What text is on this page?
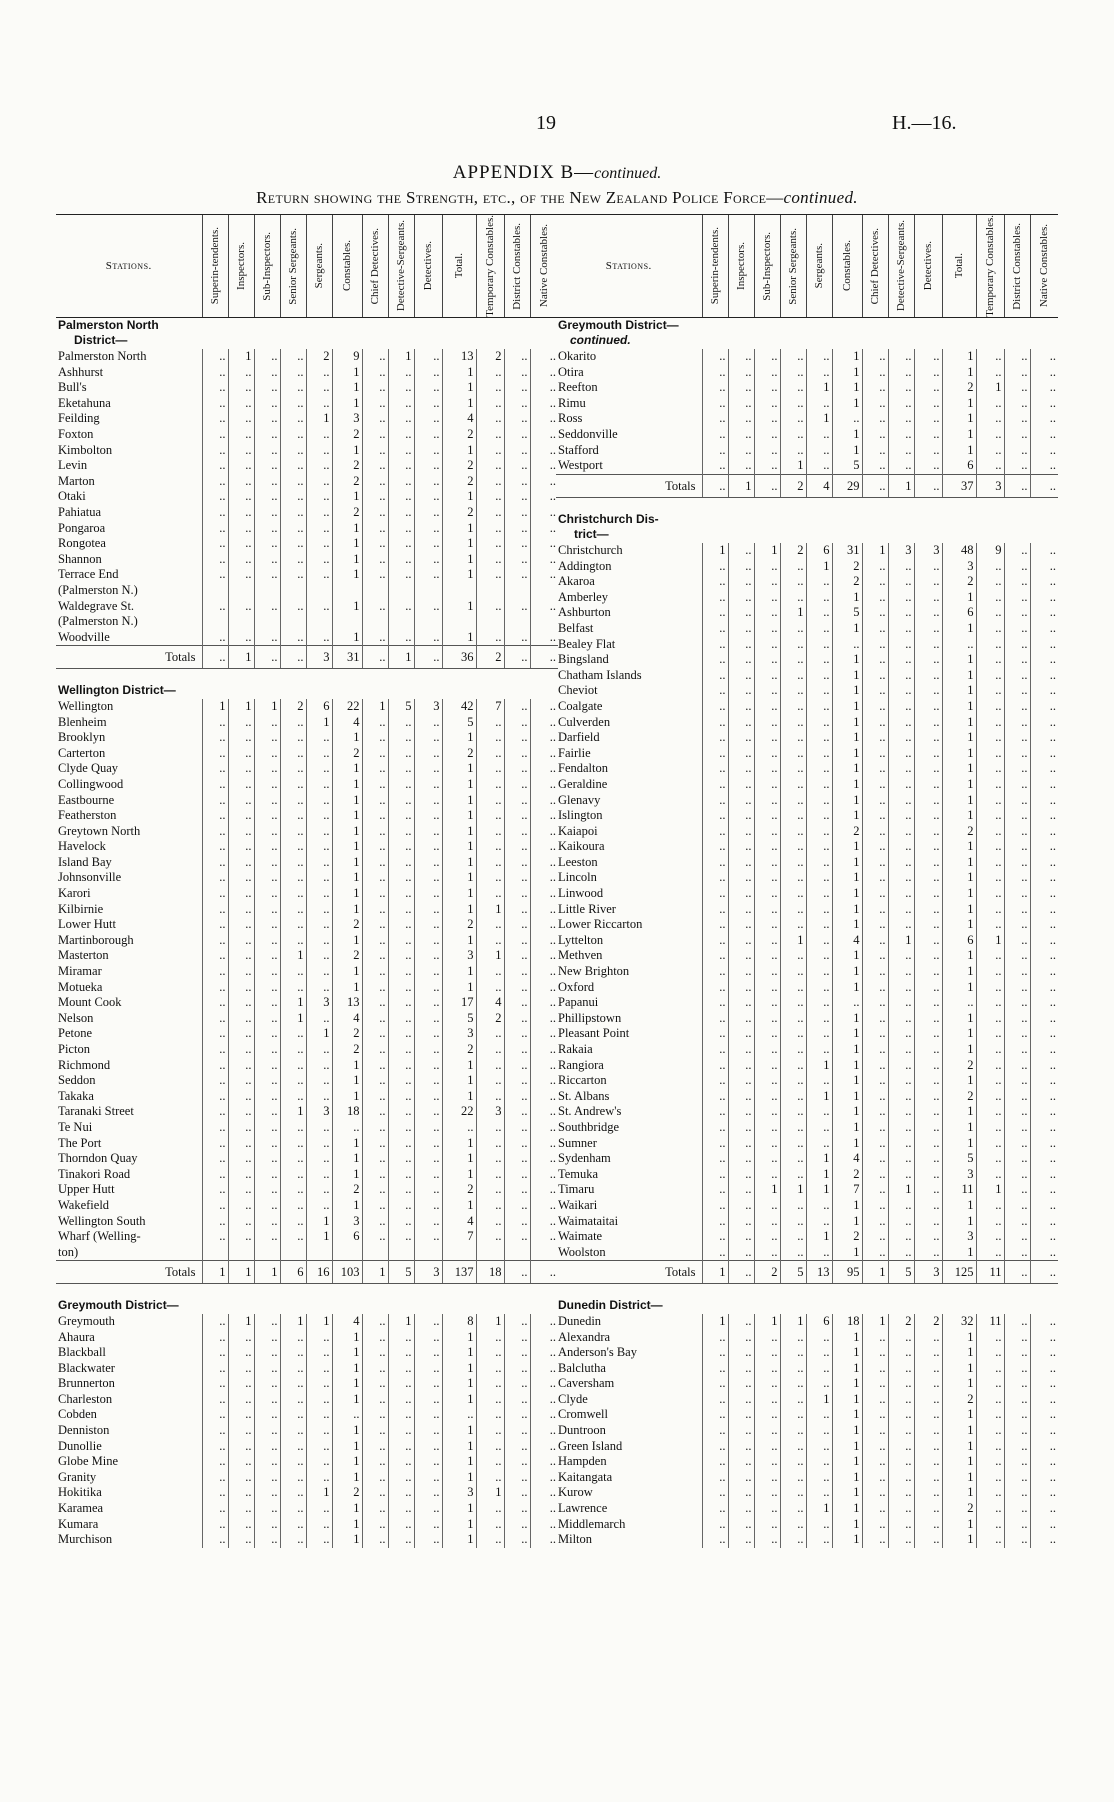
19	H.—16.
APPENDIX B—continued.
Return showing the Strength, etc., of the New Zealand Police Force—continued.
Stations.	Superin-tendents.	Inspectors.	Sub-Inspectors.	Senior Sergeants.	Sergeants.	Constables.	Chief Detectives.	Detective-Sergeants.	Detectives.	Total.	Temporary Constables.	District Constables.	Native Constables.

Palmerston North													
District—													
Palmerston North	..	1	..	..	2	9	..	1	..	13	2	..	..
Ashhurst	..	..	..	..	..	1	..	..	..	1	..	..	..
Bull's	..	..	..	..	..	1	..	..	..	1	..	..	..
Eketahuna	..	..	..	..	..	1	..	..	..	1	..	..	..
Feilding	..	..	..	..	1	3	..	..	..	4	..	..	..
Foxton	..	..	..	..	..	2	..	..	..	2	..	..	..
Kimbolton	..	..	..	..	..	1	..	..	..	1	..	..	..
Levin	..	..	..	..	..	2	..	..	..	2	..	..	..
Marton	..	..	..	..	..	2	..	..	..	2	..	..	..
Otaki	..	..	..	..	..	1	..	..	..	1	..	..	..
Pahiatua	..	..	..	..	..	2	..	..	..	2	..	..	..
Pongaroa	..	..	..	..	..	1	..	..	..	1	..	..	..
Rongotea	..	..	..	..	..	1	..	..	..	1	..	..	..
Shannon	..	..	..	..	..	1	..	..	..	1	..	..	..
Terrace End	..	..	..	..	..	1	..	..	..	1	..	..	..
(Palmerston N.)													
Waldegrave St.	..	..	..	..	..	1	..	..	..	1	..	..	..
(Palmerston N.)													
Woodville	..	..	..	..	..	1	..	..	..	1	..	..	..
Totals	..	1	..	..	3	31	..	1	..	36	2	..	..

Wellington District—													
Wellington	1	1	1	2	6	22	1	5	3	42	7	..	..
Blenheim	..	..	..	..	1	4	..	..	..	5	..	..	..
Brooklyn	..	..	..	..	..	1	..	..	..	1	..	..	..
Carterton	..	..	..	..	..	2	..	..	..	2	..	..	..
Clyde Quay	..	..	..	..	..	1	..	..	..	1	..	..	..
Collingwood	..	..	..	..	..	1	..	..	..	1	..	..	..
Eastbourne	..	..	..	..	..	1	..	..	..	1	..	..	..
Featherston	..	..	..	..	..	1	..	..	..	1	..	..	..
Greytown North	..	..	..	..	..	1	..	..	..	1	..	..	..
Havelock	..	..	..	..	..	1	..	..	..	1	..	..	..
Island Bay	..	..	..	..	..	1	..	..	..	1	..	..	..
Johnsonville	..	..	..	..	..	1	..	..	..	1	..	..	..
Karori	..	..	..	..	..	1	..	..	..	1	..	..	..
Kilbirnie	..	..	..	..	..	1	..	..	..	1	1	..	..
Lower Hutt	..	..	..	..	..	2	..	..	..	2	..	..	..
Martinborough	..	..	..	..	..	1	..	..	..	1	..	..	..
Masterton	..	..	..	1	..	2	..	..	..	3	1	..	..
Miramar	..	..	..	..	..	1	..	..	..	1	..	..	..
Motueka	..	..	..	..	..	1	..	..	..	1	..	..	..
Mount Cook	..	..	..	1	3	13	..	..	..	17	4	..	..
Nelson	..	..	..	1	..	4	..	..	..	5	2	..	..
Petone	..	..	..	..	1	2	..	..	..	3	..	..	..
Picton	..	..	..	..	..	2	..	..	..	2	..	..	..
Richmond	..	..	..	..	..	1	..	..	..	1	..	..	..
Seddon	..	..	..	..	..	1	..	..	..	1	..	..	..
Takaka	..	..	..	..	..	1	..	..	..	1	..	..	..
Taranaki Street	..	..	..	1	3	18	..	..	..	22	3	..	..
Te Nui	..	..	..	..	..	..	..	..	..	..	..	..	..
The Port	..	..	..	..	..	1	..	..	..	1	..	..	..
Thorndon Quay	..	..	..	..	..	1	..	..	..	1	..	..	..
Tinakori Road	..	..	..	..	..	1	..	..	..	1	..	..	..
Upper Hutt	..	..	..	..	..	2	..	..	..	2	..	..	..
Wakefield	..	..	..	..	..	1	..	..	..	1	..	..	..
Wellington South	..	..	..	..	1	3	..	..	..	4	..	..	..
Wharf (Welling-	..	..	..	..	1	6	..	..	..	7	..	..	..
ton)													
Totals	1	1	1	6	16	103	1	5	3	137	18	..	..

Greymouth District—													
Greymouth	..	1	..	1	1	4	..	1	..	8	1	..	..
Ahaura	..	..	..	..	..	1	..	..	..	1	..	..	..
Blackball	..	..	..	..	..	1	..	..	..	1	..	..	..
Blackwater	..	..	..	..	..	1	..	..	..	1	..	..	..
Brunnerton	..	..	..	..	..	1	..	..	..	1	..	..	..
Charleston	..	..	..	..	..	1	..	..	..	1	..	..	..
Cobden	..	..	..	..	..	..	..	..	..	..	..	..	..
Denniston	..	..	..	..	..	1	..	..	..	1	..	..	..
Dunollie	..	..	..	..	..	1	..	..	..	1	..	..	..
Globe Mine	..	..	..	..	..	1	..	..	..	1	..	..	..
Granity	..	..	..	..	..	1	..	..	..	1	..	..	..
Hokitika	..	..	..	..	1	2	..	..	..	3	1	..	..
Karamea	..	..	..	..	..	1	..	..	..	1	..	..	..
Kumara	..	..	..	..	..	1	..	..	..	1	..	..	..
Murchison	..	..	..	..	..	1	..	..	..	1	..	..	..
Stations.	Superin-tendents.	Inspectors.	Sub-Inspectors.	Senior Sergeants.	Sergeants.	Constables.	Chief Detectives.	Detective-Sergeants.	Detectives.	Total.	Temporary Constables.	District Constables.	Native Constables.

Greymouth District—													
continued.													
Okarito	..	..	..	..	..	1	..	..	..	1	..	..	..
Otira	..	..	..	..	..	1	..	..	..	1	..	..	..
Reefton	..	..	..	..	1	1	..	..	..	2	1	..	..
Rimu	..	..	..	..	..	1	..	..	..	1	..	..	..
Ross	..	..	..	..	1	..	..	..	..	1	..	..	..
Seddonville	..	..	..	..	..	1	..	..	..	1	..	..	..
Stafford	..	..	..	..	..	1	..	..	..	1	..	..	..
Westport	..	..	..	1	..	5	..	..	..	6	..	..	..
Totals	..	1	..	2	4	29	..	1	..	37	3	..	..

Christchurch Dis-													
trict—													
Christchurch	1	..	1	2	6	31	1	3	3	48	9	..	..
Addington	..	..	..	..	1	2	..	..	..	3	..	..	..
Akaroa	..	..	..	..	..	2	..	..	..	2	..	..	..
Amberley	..	..	..	..	..	1	..	..	..	1	..	..	..
Ashburton	..	..	..	1	..	5	..	..	..	6	..	..	..
Belfast	..	..	..	..	..	1	..	..	..	1	..	..	..
Bealey Flat	..	..	..	..	..	..	..	..	..	..	..	..	..
Bingsland	..	..	..	..	..	1	..	..	..	1	..	..	..
Chatham Islands	..	..	..	..	..	1	..	..	..	1	..	..	..
Cheviot	..	..	..	..	..	1	..	..	..	1	..	..	..
Coalgate	..	..	..	..	..	1	..	..	..	1	..	..	..
Culverden	..	..	..	..	..	1	..	..	..	1	..	..	..
Darfield	..	..	..	..	..	1	..	..	..	1	..	..	..
Fairlie	..	..	..	..	..	1	..	..	..	1	..	..	..
Fendalton	..	..	..	..	..	1	..	..	..	1	..	..	..
Geraldine	..	..	..	..	..	1	..	..	..	1	..	..	..
Glenavy	..	..	..	..	..	1	..	..	..	1	..	..	..
Islington	..	..	..	..	..	1	..	..	..	1	..	..	..
Kaiapoi	..	..	..	..	..	2	..	..	..	2	..	..	..
Kaikoura	..	..	..	..	..	1	..	..	..	1	..	..	..
Leeston	..	..	..	..	..	1	..	..	..	1	..	..	..
Lincoln	..	..	..	..	..	1	..	..	..	1	..	..	..
Linwood	..	..	..	..	..	1	..	..	..	1	..	..	..
Little River	..	..	..	..	..	1	..	..	..	1	..	..	..
Lower Riccarton	..	..	..	..	..	1	..	..	..	1	..	..	..
Lyttelton	..	..	..	1	..	4	..	1	..	6	1	..	..
Methven	..	..	..	..	..	1	..	..	..	1	..	..	..
New Brighton	..	..	..	..	..	1	..	..	..	1	..	..	..
Oxford	..	..	..	..	..	1	..	..	..	1	..	..	..
Papanui	..	..	..	..	..	..	..	..	..	..	..	..	..
Phillipstown	..	..	..	..	..	1	..	..	..	1	..	..	..
Pleasant Point	..	..	..	..	..	1	..	..	..	1	..	..	..
Rakaia	..	..	..	..	..	1	..	..	..	1	..	..	..
Rangiora	..	..	..	..	1	1	..	..	..	2	..	..	..
Riccarton	..	..	..	..	..	1	..	..	..	1	..	..	..
St. Albans	..	..	..	..	1	1	..	..	..	2	..	..	..
St. Andrew's	..	..	..	..	..	1	..	..	..	1	..	..	..
Southbridge	..	..	..	..	..	1	..	..	..	1	..	..	..
Sumner	..	..	..	..	..	1	..	..	..	1	..	..	..
Sydenham	..	..	..	..	1	4	..	..	..	5	..	..	..
Temuka	..	..	..	..	1	2	..	..	..	3	..	..	..
Timaru	..	..	1	1	1	7	..	1	..	11	1	..	..
Waikari	..	..	..	..	..	1	..	..	..	1	..	..	..
Waimataitai	..	..	..	..	..	1	..	..	..	1	..	..	..
Waimate	..	..	..	..	1	2	..	..	..	3	..	..	..
Woolston	..	..	..	..	..	1	..	..	..	1	..	..	..
Totals	1	..	2	5	13	95	1	5	3	125	11	..	..

Dunedin District—													
Dunedin	1	..	1	1	6	18	1	2	2	32	11	..	..
Alexandra	..	..	..	..	..	1	..	..	..	1	..	..	..
Anderson's Bay	..	..	..	..	..	1	..	..	..	1	..	..	..
Balclutha	..	..	..	..	..	1	..	..	..	1	..	..	..
Caversham	..	..	..	..	..	1	..	..	..	1	..	..	..
Clyde	..	..	..	..	1	1	..	..	..	2	..	..	..
Cromwell	..	..	..	..	..	1	..	..	..	1	..	..	..
Duntroon	..	..	..	..	..	1	..	..	..	1	..	..	..
Green Island	..	..	..	..	..	1	..	..	..	1	..	..	..
Hampden	..	..	..	..	..	1	..	..	..	1	..	..	..
Kaitangata	..	..	..	..	..	1	..	..	..	1	..	..	..
Kurow	..	..	..	..	..	1	..	..	..	1	..	..	..
Lawrence	..	..	..	..	1	1	..	..	..	2	..	..	..
Middlemarch	..	..	..	..	..	1	..	..	..	1	..	..	..
Milton	..	..	..	..	..	1	..	..	..	1	..	..	..
